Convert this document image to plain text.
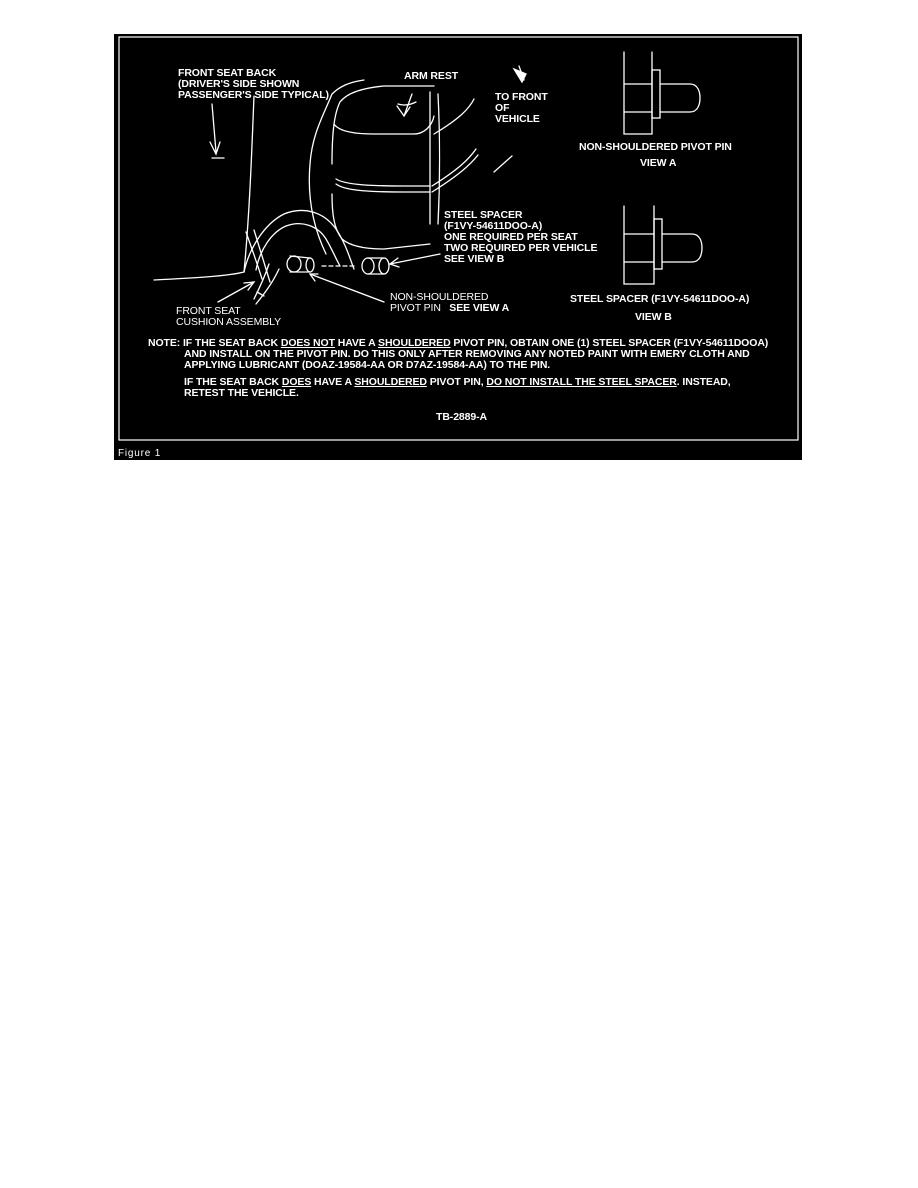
FRONT SEAT BACK
(DRIVER'S SIDE SHOWN
PASSENGER'S SIDE TYPICAL)
ARM REST
TO FRONT
OF
VEHICLE
NON-SHOULDERED PIVOT PIN
VIEW A
STEEL SPACER
(F1VY-54611DOO-A)
ONE REQUIRED PER SEAT
TWO REQUIRED PER VEHICLE
SEE VIEW B
STEEL SPACER (F1VY-54611DOO-A)
VIEW B
FRONT SEAT
CUSHION ASSEMBLY
NON-SHOULDERED
PIVOT PIN SEE VIEW A
NOTE: IF THE SEAT BACK DOES NOT HAVE A SHOULDERED PIVOT PIN, OBTAIN ONE (1) STEEL SPACER (F1VY-54611DOOA)
AND INSTALL ON THE PIVOT PIN. DO THIS ONLY AFTER REMOVING ANY NOTED PAINT WITH EMERY CLOTH AND
APPLYING LUBRICANT (DOAZ-19584-AA OR D7AZ-19584-AA) TO THE PIN.
IF THE SEAT BACK DOES HAVE A SHOULDERED PIVOT PIN, DO NOT INSTALL THE STEEL SPACER. INSTEAD,
RETEST THE VEHICLE.
TB-2889-A
Figure 1
